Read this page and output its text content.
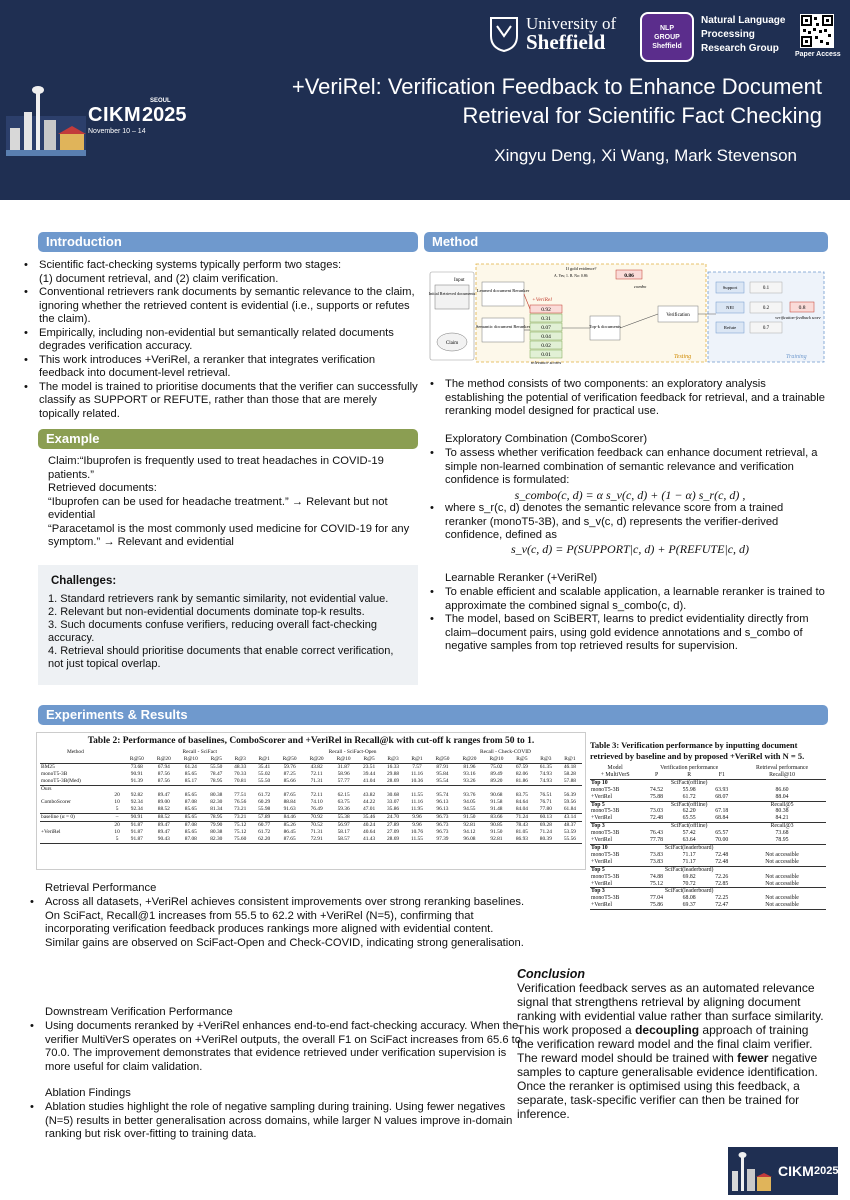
CIKM 2025
SEOUL
November 10 – 14
University of
Sheffield
NLP
GROUP
Sheffield
Natural Language
Processing
Research Group
Paper Access
+VeriRel: Verification Feedback to Enhance Document
Retrieval for Scientific Fact Checking
Xingyu Deng, Xi Wang, Mark Stevenson
Introduction
• Scientific fact-checking systems typically perform two stages:
(1) document retrieval, and (2) claim verification.
• Conventional retrievers rank documents by semantic relevance to the claim, ignoring whether the retrieved content is evidential (i.e., supports or refutes the claim).
• Empirically, including non-evidential but semantically related documents degrades verification accuracy.
• This work introduces +VeriRel, a reranker that integrates verification feedback into document-level retrieval.
• The model is trained to prioritise documents that the verifier can successfully classify as SUPPORT or REFUTE, rather than those that are merely topically related.
Example

Claim:“Ibuprofen is frequently used to treat headaches in COVID-19 patients.”

Retrieved documents:

“Ibuprofen can be used for headache treatment.” → Relevant but not evidential

“Paracetamol is the most commonly used medicine for COVID-19 for any symptom.” → Relevant and evidential

Challenges:

1. Standard retrievers rank by semantic similarity, not evidential value.

2. Relevant but non-evidential documents dominate top-k results.

3. Such documents confuse verifiers, reducing overall fact-checking accuracy.

4. Retrieval should prioritise documents that enable correct verification, not just topical overlap.

Method
Input
Initial Retrieved documents
Claim
Learned document Reranker
Semantic document Reranker
+VeriRel
0.92
0.31
0.07
0.04
0.02
0.01
relevance scores
If gold evidence?
A. Yes; 1. B. No: 0.86	0.86
combo
Top-k documents
Verification
Support
NEI
Refute
0.1
0.2
0.7
0.8
verification-feedback score
Testing	Training
• The method consists of two components: an exploratory analysis establishing the potential of verification feedback for retrieval, and a trainable reranking model designed for practical use.
Exploratory Combination (ComboScorer)
• To assess whether verification feedback can enhance document retrieval, a simple non-learned combination of semantic relevance and verification confidence is formulated:
s_combo(c, d) = α s_v(c, d) + (1 − α) s_r(c, d) ,
• where s_r(c, d) denotes the semantic relevance score from a trained reranker (monoT5-3B), and s_v(c, d) represents the verifier-derived confidence, defined as
s_v(c, d) = P(SUPPORT|c, d) + P(REFUTE|c, d)
Learnable Reranker (+VeriRel)
• To enable efficient and scalable application, a learnable reranker is trained to approximate the combined signal s_combo(c, d).
• The model, based on SciBERT, learns to predict evidentiality directly from claim–document pairs, using gold evidence annotations and s_combo of negative samples from top retrieved results for supervision.
Experiments & Results
Table 2: Performance of baselines, ComboScorer and +VeriRel in Recall@k with cut-off k ranges from 50 to 1.
Method		Recall - SciFact						Recall - SciFact-Open						Recall - Check-COVID					
		R@50	R@20	R@10	R@5	R@3	R@1	R@50	R@20	R@10	R@5	R@3	R@1	R@50	R@20	R@10	R@5	R@3	R@1
BM25		73.68	67.94	61.24	55.50	48.33	35.41	59.76	43.82	31.87	23.51	16.33	7.57	87.91	81.96	75.02	67.59	61.35	46.18
monoT5-3B		90.91	87.56	85.65	78.47	70.33	55.02	87.25	72.11	58.96	39.44	29.88	11.16	95.84	93.16	89.49	82.06	74.93	58.28
monoT5-3B(Med)		91.39	87.56	85.17	78.95	70.81	55.50	85.66	71.31	57.77	41.04	28.69	10.36	95.54	93.26	89.20	81.86	74.93	57.88
Ours																			
	20	92.82	89.47	85.65	80.38	77.51	61.72	87.65	72.11	62.15	43.82	30.68	11.55	95.74	93.76	90.68	83.75	76.51	56.39
ComboScorer	10	92.34	89.00	87.08	82.30	76.56	60.29	88.84	74.10	63.75	44.22	33.07	11.16	96.13	94.05	91.58	84.64	76.71	59.56
	5	92.34	88.52	85.65	81.34	73.21	55.98	91.63	76.49	59.36	47.01	35.86	11.95	96.13	94.55	91.48	84.04	77.80	61.84
baseline (α = 0)	–	90.91	88.52	85.65	78.95	73.21	57.89	84.46	70.92	55.38	35.46	24.70	9.96	96.73	91.50	83.66	71.24	60.13	43.14
	20	91.87	89.47	87.08	79.90	75.12	60.77	85.26	70.52	56.97	40.24	27.89	9.96	96.73	92.81	90.85	78.43	69.28	48.37
+VeriRel	10	91.87	89.47	85.65	80.38	75.12	61.72	86.45	71.31	58.17	40.64	27.09	10.76	96.73	94.12	91.50	81.05	71.24	53.59
	5	91.87	90.43	87.08	82.30	75.60	62.20	87.65	72.91	58.57	41.43	28.69	11.55	97.39	96.08	92.81	86.93	80.39	55.56
Table 3: Verification performance by inputting document retrieved by baseline and by proposed +VeriRel with N = 5.
Model	Verification performance			Retrieval performance
+ MultiVerS	P	R	F1	Recall@10
Top 10	SciFact(offline)			
monoT5-3B	74.52	55.98	63.93	86.60
+VeriRel	75.88	61.72	68.07	88.04
Top 5	SciFact(offline)			Recall@5
monoT5-3B	73.03	62.20	67.18	80.38
+VeriRel	72.48	65.55	68.84	84.21
Top 3	SciFact(offline)			Recall@3
monoT5-3B	76.43	57.42	65.57	73.68
+VeriRel	77.78	63.64	70.00	78.95
Top 10	SciFact(leaderboard)			
monoT5-3B	73.83	71.17	72.48	Not accessible
+VeriRel	73.83	71.17	72.48	Not accessible
Top 5	SciFact(leaderboard)			
monoT5-3B	74.88	69.82	72.26	Not accessible
+VeriRel	75.12	70.72	72.85	Not accessible
Top 3	SciFact(leaderboard)			
monoT5-3B	77.04	68.08	72.25	Not accessible
+VeriRel	75.86	69.37	72.47	Not accessible
Retrieval Performance
• Across all datasets, +VeriRel achieves consistent improvements over strong reranking baselines. On SciFact, Recall@1 increases from 55.5 to 62.2 with +VeriRel (N=5), confirming that incorporating verification feedback produces rankings more aligned with evidential content. Similar gains are observed on SciFact-Open and Check-COVID, indicating strong generalisation.
Downstream Verification Performance
• Using documents reranked by +VeriRel enhances end-to-end fact-checking accuracy. When the verifier MultiVerS operates on +VeriRel outputs, the overall F1 on SciFact increases from 65.6 to 70.0. The improvement demonstrates that evidence retrieved under verification supervision is more useful for claim validation.
Ablation Findings
• Ablation studies highlight the role of negative sampling during training. Using fewer negatives (N=5) results in better generalisation across domains, while larger N values improve in-domain ranking but risk over-fitting to training data.

Conclusion

Verification feedback serves as an automated relevance signal that strengthens retrieval by aligning document ranking with evidential value rather than surface similarity.

This work proposed a decoupling approach of training the verification reward model and the final claim verifier.

The reward model should be trained with fewer negative samples to capture generalisable evidence identification. Once the reranker is optimised using this feedback, a separate, task-specific verifier can then be trained for inference.

CIKM 2025
